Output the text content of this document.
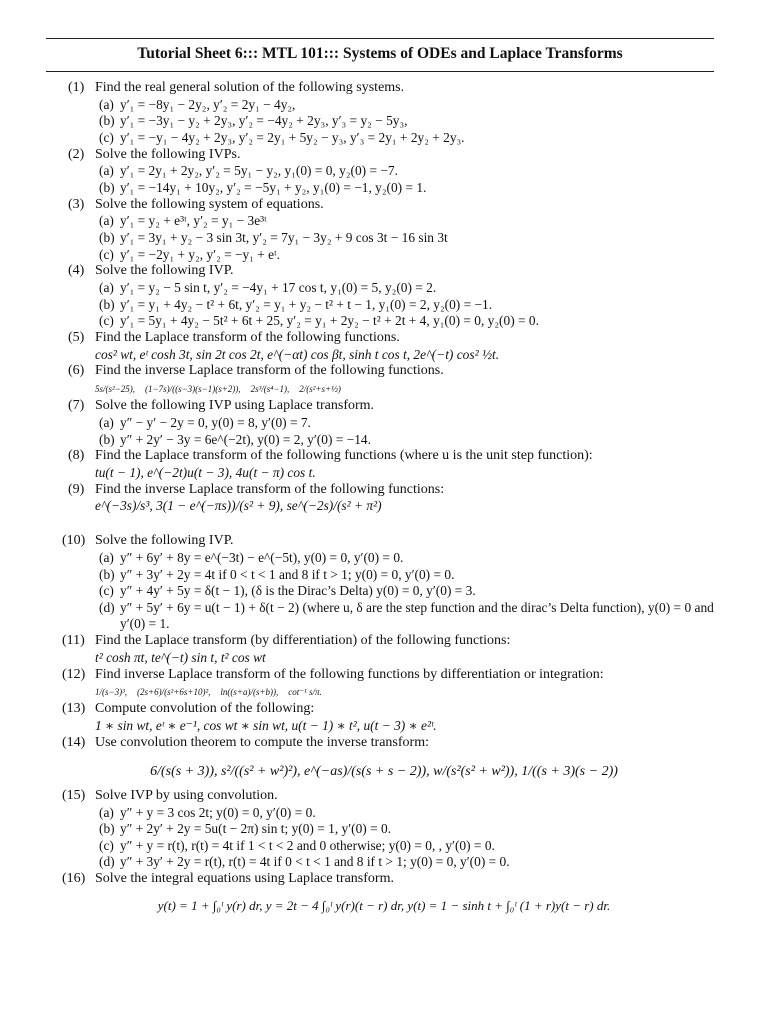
Tutorial Sheet 6::: MTL 101::: Systems of ODEs and Laplace Transforms
(1) Find the real general solution of the following systems.
(a) y′₁ = −8y₁ − 2y₂, y′₂ = 2y₁ − 4y₂,
(b) y′₁ = −3y₁ − y₂ + 2y₃, y′₂ = −4y₂ + 2y₃, y′₃ = y₂ − 5y₃,
(c) y′₁ = −y₁ − 4y₂ + 2y₃, y′₂ = 2y₁ + 5y₂ − y₃, y′₃ = 2y₁ + 2y₂ + 2y₃.
(2) Solve the following IVPs.
(a) y′₁ = 2y₁ + 2y₂, y′₂ = 5y₁ − y₂, y₁(0) = 0, y₂(0) = −7.
(b) y′₁ = −14y₁ + 10y₂, y′₂ = −5y₁ + y₂, y₁(0) = −1, y₂(0) = 1.
(3) Solve the following system of equations.
(a) y′₁ = y₂ + e³ᵗ, y′₂ = y₁ − 3e³ᵗ
(b) y′₁ = 3y₁ + y₂ − 3 sin 3t, y′₂ = 7y₁ − 3y₂ + 9 cos 3t − 16 sin 3t
(c) y′₁ = −2y₁ + y₂, y′₂ = −y₁ + eᵗ.
(4) Solve the following IVP.
(a) y′₁ = y₂ − 5 sin t, y′₂ = −4y₁ + 17 cos t, y₁(0) = 5, y₂(0) = 2.
(b) y′₁ = y₁ + 4y₂ − t² + 6t, y′₂ = y₁ + y₂ − t² + t − 1, y₁(0) = 2, y₂(0) = −1.
(c) y′₁ = 5y₁ + 4y₂ − 5t² + 6t + 25, y′₂ = y₁ + 2y₂ − t² + 2t + 4, y₁(0) = 0, y₂(0) = 0.
(5) Find the Laplace transform of the following functions.
cos² wt, eᵗ cosh 3t, sin 2t cos 2t, e^(−αt) cos βt, sinh t cos t, 2e^(−t) cos² ½t.
(6) Find the inverse Laplace transform of the following functions.
5s/(s²−25), (1−7s)/((s−3)(s−1)(s+2)), 2s³/(s⁴−1), 2/(s²+s+½)
(7) Solve the following IVP using Laplace transform.
(a) y″ − y′ − 2y = 0, y(0) = 8, y′(0) = 7.
(b) y″ + 2y′ − 3y = 6e^(−2t), y(0) = 2, y′(0) = −14.
(8) Find the Laplace transform of the following functions (where u is the unit step function):
tu(t − 1), e^(−2t)u(t − 3), 4u(t − π) cos t.
(9) Find the inverse Laplace transform of the following functions:
e^(−3s)/s³, 3(1 − e^(−πs))/(s² + 9), se^(−2s)/(s² + π²)
(10) Solve the following IVP.
(a) y″ + 6y′ + 8y = e^(−3t) − e^(−5t), y(0) = 0, y′(0) = 0.
(b) y″ + 3y′ + 2y = 4t if 0 < t < 1 and 8 if t > 1; y(0) = 0, y′(0) = 0.
(c) y″ + 4y′ + 5y = δ(t − 1), (δ is the Dirac’s Delta) y(0) = 0, y′(0) = 3.
(d) y″ + 5y′ + 6y = u(t − 1) + δ(t − 2) (where u, δ are the step function and the dirac’s Delta function), y(0) = 0 and y′(0) = 1.
(11) Find the Laplace transform (by differentiation) of the following functions:
t² cosh πt, te^(−t) sin t, t² cos wt
(12) Find inverse Laplace transform of the following functions by differentiation or integration:
1/(s−3)³, (2s+6)/(s²+6s+10)², ln((s+a)/(s+b)), cot⁻¹ s/π.
(13) Compute convolution of the following:
1 ∗ sin wt, eᵗ ∗ e⁻¹, cos wt ∗ sin wt, u(t − 1) ∗ t², u(t − 3) ∗ e²ᵗ.
(14) Use convolution theorem to compute the inverse transform:
6/(s(s + 3)), s²/((s² + w²)²), e^(−as)/(s(s + s − 2)), w/(s²(s² + w²)), 1/((s + 3)(s − 2))
(15) Solve IVP by using convolution.
(a) y″ + y = 3 cos 2t; y(0) = 0, y′(0) = 0.
(b) y″ + 2y′ + 2y = 5u(t − 2π) sin t; y(0) = 1, y′(0) = 0.
(c) y″ + y = r(t), r(t) = 4t if 1 < t < 2 and 0 otherwise; y(0) = 0, , y′(0) = 0.
(d) y″ + 3y′ + 2y = r(t), r(t) = 4t if 0 < t < 1 and 8 if t > 1; y(0) = 0, y′(0) = 0.
(16) Solve the integral equations using Laplace transform.
y(t) = 1 + ∫₀ᵗ y(r) dr, y = 2t − 4 ∫₀ᵗ y(r)(t − r) dr, y(t) = 1 − sinh t + ∫₀ᵗ (1 + r)y(t − r) dr.
